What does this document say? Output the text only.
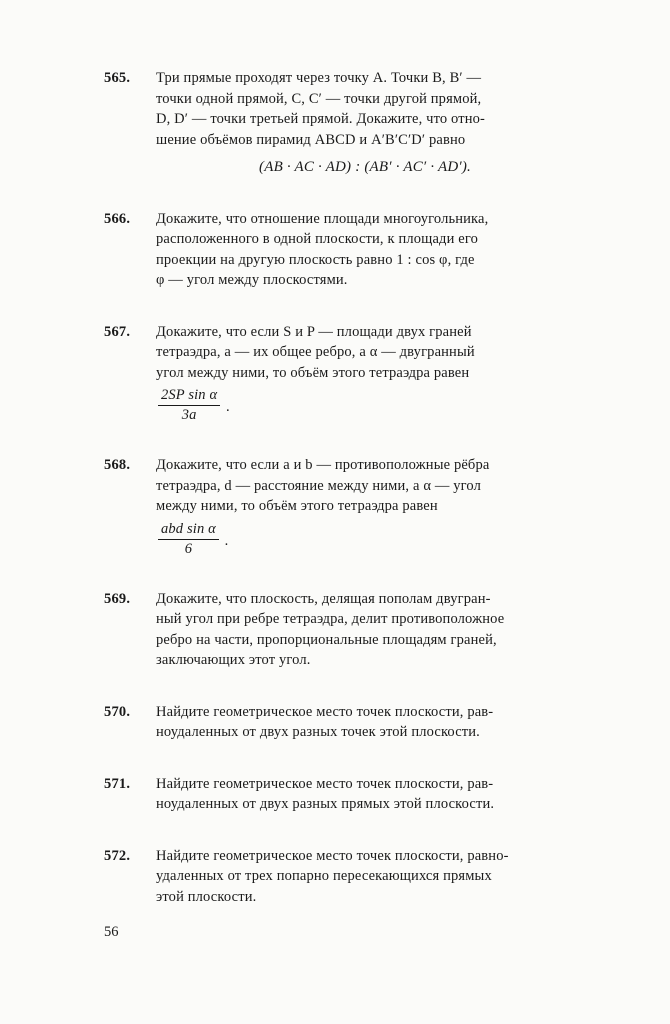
565.	Три прямые проходят через точку A. Точки B, B′ —

точки одной прямой, C, C′ — точки другой прямой,

D, D′ — точки третьей прямой. Докажите, что отно-

шение объёмов пирамид ABCD и A′B′C′D′ равно

(AB · AC · AD) : (AB′ · AC′ · AD′).
566.	Докажите, что отношение площади многоугольника,

расположенного в одной плоскости, к площади его

проекции на другую плоскость равно 1 : cos φ, где

φ — угол между плоскостями.

567.	Докажите, что если S и P — площади двух граней

тетраэдра, a — их общее ребро, а α — двугранный

угол между ними, то объём этого тетраэдра равен

$\frac{\text{2SP sin α}}{3a}$ .

568.	Докажите, что если a и b — противоположные рёбра

тетраэдра, d — расстояние между ними, а α — угол

между ними, то объём этого тетраэдра равен

$\frac{\text{abd sin α}}{6}$ .

569.	Докажите, что плоскость, делящая пополам двугран-

ный угол при ребре тетраэдра, делит противоположное

ребро на части, пропорциональные площадям граней,

заключающих этот угол.

570.	Найдите геометрическое место точек плоскости, рав-

ноудаленных от двух разных точек этой плоскости.

571.	Найдите геометрическое место точек плоскости, рав-

ноудаленных от двух разных прямых этой плоскости.

572.	Найдите геометрическое место точек плоскости, равно-

удаленных от трех попарно пересекающихся прямых

этой плоскости.

56
